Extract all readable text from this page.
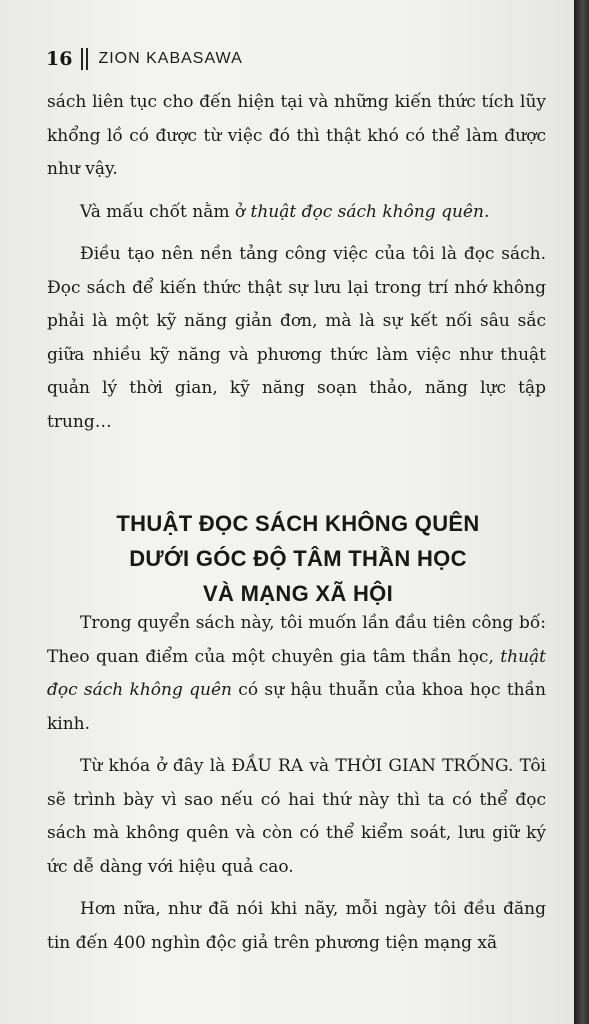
16 ZION KABASAWA

sách liên tục cho đến hiện tại và những kiến thức tích lũy khổng lồ có được từ việc đó thì thật khó có thể làm được như vậy.

Và mấu chốt nằm ở thuật đọc sách không quên.

Điều tạo nên nền tảng công việc của tôi là đọc sách. Đọc sách để kiến thức thật sự lưu lại trong trí nhớ không phải là một kỹ năng giản đơn, mà là sự kết nối sâu sắc giữa nhiều kỹ năng và phương thức làm việc như thuật quản lý thời gian, kỹ năng soạn thảo, năng lực tập trung…

THUẬT ĐỌC SÁCH KHÔNG QUÊN
DƯỚI GÓC ĐỘ TÂM THẦN HỌC
VÀ MẠNG XÃ HỘI

Trong quyển sách này, tôi muốn lần đầu tiên công bố: Theo quan điểm của một chuyên gia tâm thần học, thuật đọc sách không quên có sự hậu thuẫn của khoa học thần kinh.

Từ khóa ở đây là ĐẦU RA và THỜI GIAN TRỐNG. Tôi sẽ trình bày vì sao nếu có hai thứ này thì ta có thể đọc sách mà không quên và còn có thể kiểm soát, lưu giữ ký ức dễ dàng với hiệu quả cao.

Hơn nữa, như đã nói khi nãy, mỗi ngày tôi đều đăng tin đến 400 nghìn độc giả trên phương tiện mạng xã
